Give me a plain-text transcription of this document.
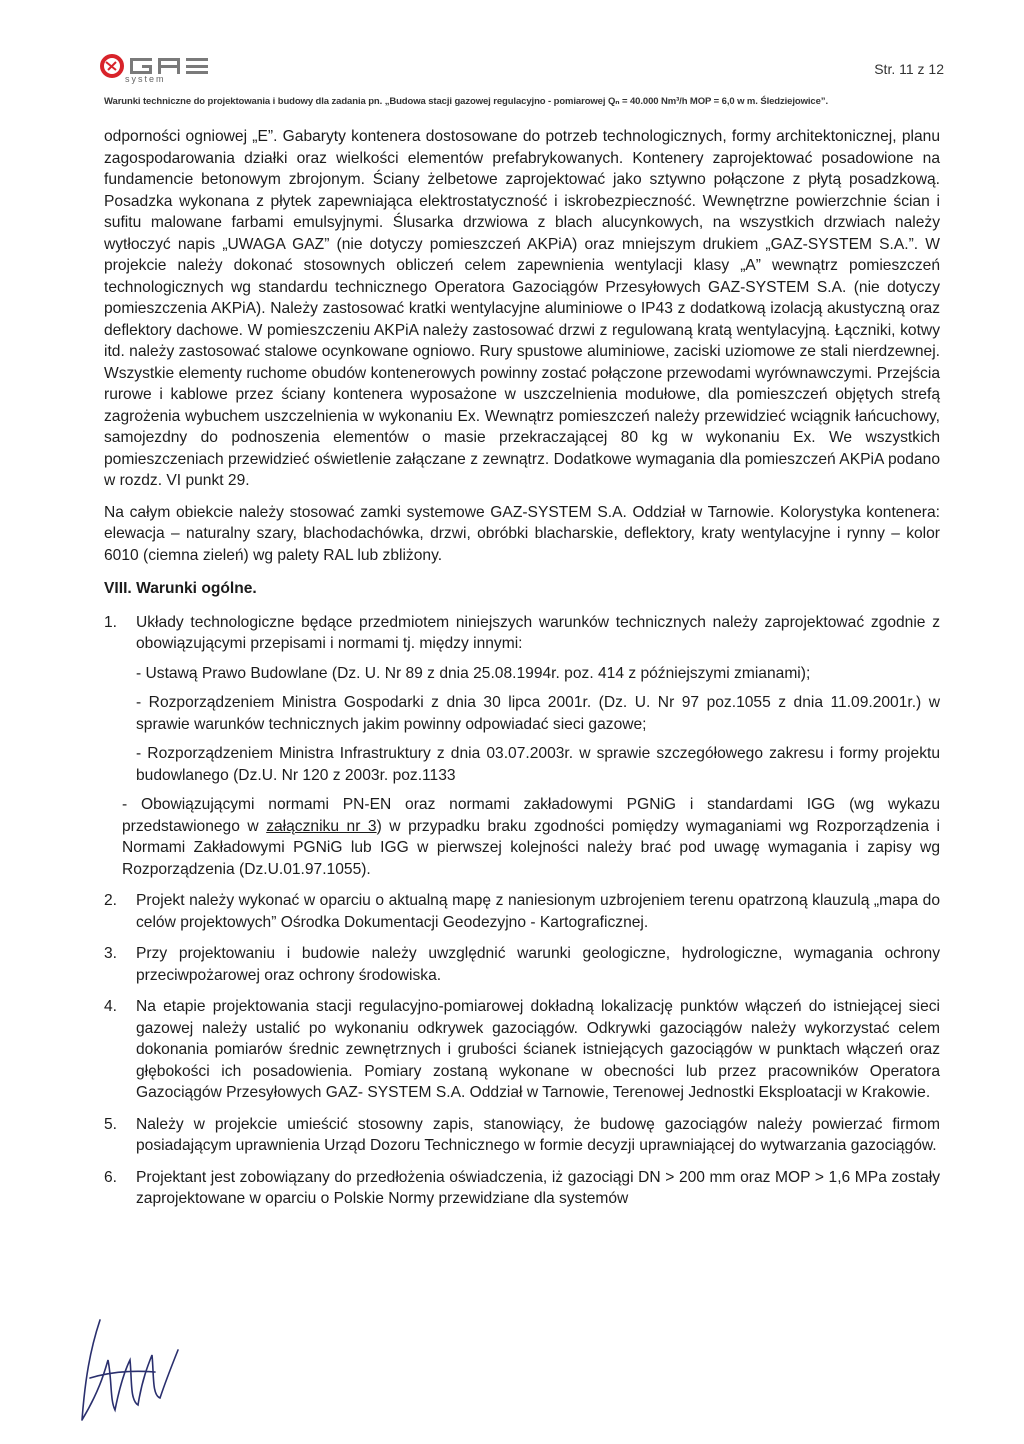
system
Str. 11 z 12
Warunki techniczne do projektowania i budowy dla zadania pn. „Budowa stacji gazowej regulacyjno - pomiarowej Qₙ = 40.000 Nm³/h MOP = 6,0 w m. Śledziejowice”.

odporności ogniowej „E”. Gabaryty kontenera dostosowane do potrzeb technologicznych, formy architektonicznej, planu zagospodarowania działki oraz wielkości elementów prefabrykowanych. Kontenery zaprojektować posadowione na fundamencie betonowym zbrojonym. Ściany żelbetowe zaprojektować jako sztywno połączone z płytą posadzkową. Posadzka wykonana z płytek zapewniająca elektrostatyczność i iskrobezpieczność. Wewnętrzne powierzchnie ścian i sufitu malowane farbami emulsyjnymi. Ślusarka drzwiowa z blach alucynkowych, na wszystkich drzwiach należy wytłoczyć napis „UWAGA GAZ” (nie dotyczy pomieszczeń AKPiA) oraz mniejszym drukiem „GAZ-SYSTEM S.A.”. W projekcie należy dokonać stosownych obliczeń celem zapewnienia wentylacji klasy „A” wewnątrz pomieszczeń technologicznych wg standardu technicznego Operatora Gazociągów Przesyłowych GAZ-SYSTEM S.A. (nie dotyczy pomieszczenia AKPiA). Należy zastosować kratki wentylacyjne aluminiowe o IP43 z dodatkową izolacją akustyczną oraz deflektory dachowe. W pomieszczeniu AKPiA należy zastosować drzwi z regulowaną kratą wentylacyjną. Łączniki, kotwy itd. należy zastosować stalowe ocynkowane ogniowo. Rury spustowe aluminiowe, zaciski uziomowe ze stali nierdzewnej. Wszystkie elementy ruchome obudów kontenerowych powinny zostać połączone przewodami wyrównawczymi. Przejścia rurowe i kablowe przez ściany kontenera wyposażone w uszczelnienia modułowe, dla pomieszczeń objętych strefą zagrożenia wybuchem uszczelnienia w wykonaniu Ex. Wewnątrz pomieszczeń należy przewidzieć wciągnik łańcuchowy, samojezdny do podnoszenia elementów o masie przekraczającej 80 kg w wykonaniu Ex. We wszystkich pomieszczeniach przewidzieć oświetlenie załączane z zewnątrz. Dodatkowe wymagania dla pomieszczeń AKPiA podano w rozdz. VI punkt 29.

Na całym obiekcie należy stosować zamki systemowe GAZ-SYSTEM S.A. Oddział w Tarnowie. Kolorystyka kontenera: elewacja – naturalny szary, blachodachówka, drzwi, obróbki blacharskie, deflektory, kraty wentylacyjne i rynny – kolor 6010 (ciemna zieleń) wg palety RAL lub zbliżony.

VIII. Warunki ogólne.
1. Układy technologiczne będące przedmiotem niniejszych warunków technicznych należy zaprojektować zgodnie z obowiązującymi przepisami i normami tj. między innymi:
- Ustawą Prawo Budowlane (Dz. U. Nr 89 z dnia 25.08.1994r. poz. 414 z późniejszymi zmianami);
- Rozporządzeniem Ministra Gospodarki z dnia 30 lipca 2001r. (Dz. U. Nr 97 poz.1055 z dnia 11.09.2001r.) w sprawie warunków technicznych jakim powinny odpowiadać sieci gazowe;
- Rozporządzeniem Ministra Infrastruktury z dnia 03.07.2003r. w sprawie szczegółowego zakresu i formy projektu budowlanego (Dz.U. Nr 120 z 2003r. poz.1133
- Obowiązującymi normami PN-EN oraz normami zakładowymi PGNiG i standardami IGG (wg wykazu przedstawionego w załączniku nr 3) w przypadku braku zgodności pomiędzy wymaganiami wg Rozporządzenia i Normami Zakładowymi PGNiG lub IGG w pierwszej kolejności należy brać pod uwagę wymagania i zapisy wg Rozporządzenia (Dz.U.01.97.1055).
2. Projekt należy wykonać w oparciu o aktualną mapę z naniesionym uzbrojeniem terenu opatrzoną klauzulą „mapa do celów projektowych” Ośrodka Dokumentacji Geodezyjno - Kartograficznej.
3. Przy projektowaniu i budowie należy uwzględnić warunki geologiczne, hydrologiczne, wymagania ochrony przeciwpożarowej oraz ochrony środowiska.
4. Na etapie projektowania stacji regulacyjno-pomiarowej dokładną lokalizację punktów włączeń do istniejącej sieci gazowej należy ustalić po wykonaniu odkrywek gazociągów. Odkrywki gazociągów należy wykorzystać celem dokonania pomiarów średnic zewnętrznych i grubości ścianek istniejących gazociągów w punktach włączeń oraz głębokości ich posadowienia. Pomiary zostaną wykonane w obecności lub przez pracowników Operatora Gazociągów Przesyłowych GAZ- SYSTEM S.A. Oddział w Tarnowie, Terenowej Jednostki Eksploatacji w Krakowie.
5. Należy w projekcie umieścić stosowny zapis, stanowiący, że budowę gazociągów należy powierzać firmom posiadającym uprawnienia Urząd Dozoru Technicznego w formie decyzji uprawniającej do wytwarzania gazociągów.
6. Projektant jest zobowiązany do przedłożenia oświadczenia, iż gazociągi DN > 200 mm oraz MOP > 1,6 MPa zostały zaprojektowane w oparciu o Polskie Normy przewidziane dla systemów
